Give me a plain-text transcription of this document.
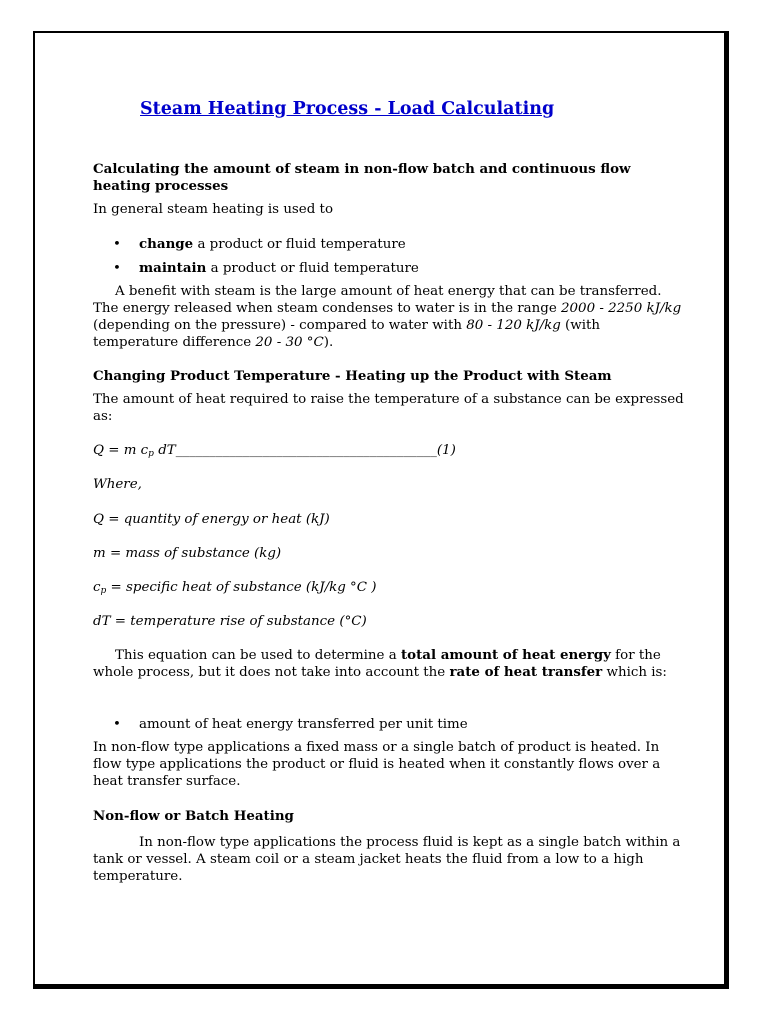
Steam Heating Process - Load Calculating
Calculating the amount of steam in non-flow batch and continuous flow heating processes
In general steam heating is used to
• change a product or fluid temperature
• maintain a product or fluid temperature
A benefit with steam is the large amount of heat energy that can be transferred. The energy released when steam condenses to water is in the range 2000 - 2250 kJ/kg (depending on the pressure) - compared to water with 80 - 120 kJ/kg (with temperature difference 20 - 30 °C).
Changing Product Temperature - Heating up the Product with Steam
The amount of heat required to raise the temperature of a substance can be expressed as:
Q = m $c_p$ dT_______________________________________(1)
Where,
Q = quantity of energy or heat (kJ)
m = mass of substance (kg)
$c_p$ = specific heat of substance (kJ/kg °C )
dT = temperature rise of substance (°C)
This equation can be used to determine a total amount of heat energy for the whole process, but it does not take into account the rate of heat transfer which is:
• amount of heat energy transferred per unit time
In non-flow type applications a fixed mass or a single batch of product is heated. In flow type applications the product or fluid is heated when it constantly flows over a heat transfer surface.
Non-flow or Batch Heating
In non-flow type applications the process fluid is kept as a single batch within a tank or vessel. A steam coil or a steam jacket heats the fluid from a low to a high temperature.
